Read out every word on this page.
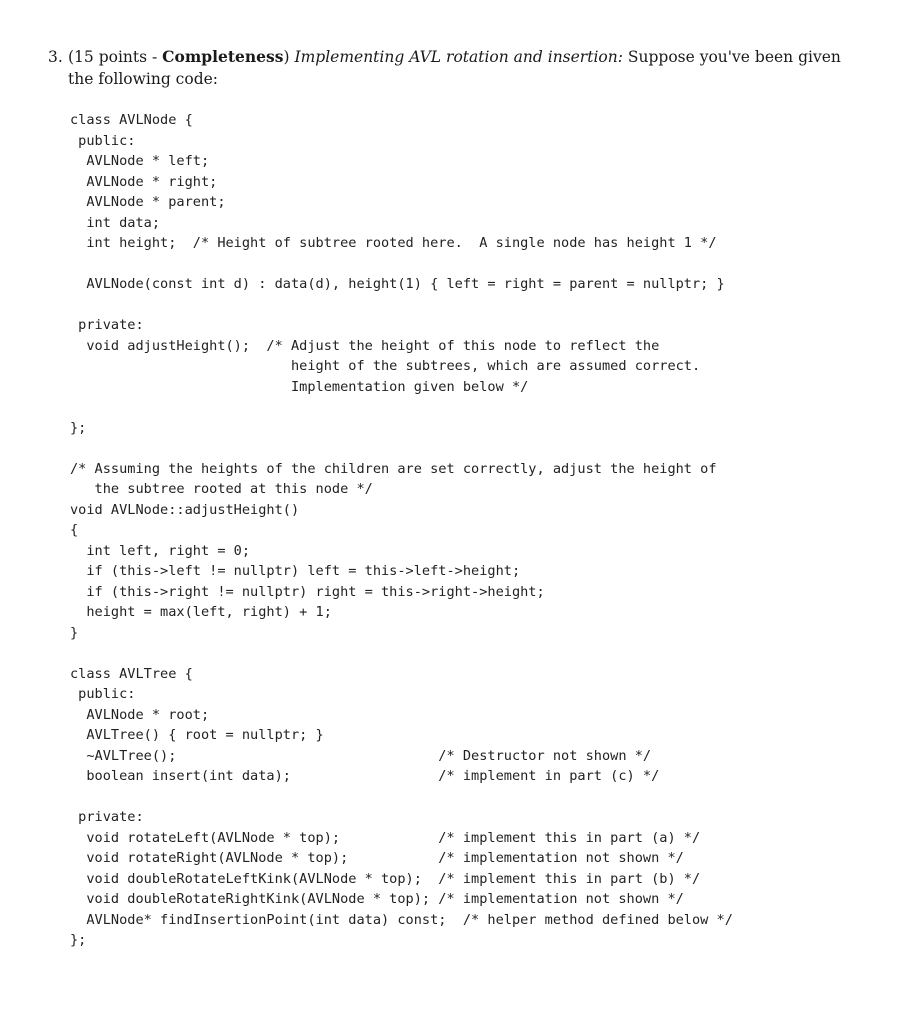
3. (15 points - Completeness) Implementing AVL rotation and insertion: Suppose you've been given the following code:
class AVLNode {
public:
AVLNode * left;
AVLNode * right;
AVLNode * parent;
int data;
int height;  /* Height of subtree rooted here.  A single node has height 1 */
AVLNode(const int d) : data(d), height(1) { left = right = parent = nullptr; }
private:
void adjustHeight();  /* Adjust the height of this node to reflect the
height of the subtrees, which are assumed correct.
Implementation given below */
};
/* Assuming the heights of the children are set correctly, adjust the height of
the subtree rooted at this node */
void AVLNode::adjustHeight()
{
int left, right = 0;
if (this->left != nullptr) left = this->left->height;
if (this->right != nullptr) right = this->right->height;
height = max(left, right) + 1;
}
class AVLTree {
public:
AVLNode * root;
AVLTree() { root = nullptr; }
~AVLTree();                                /* Destructor not shown */
boolean insert(int data);                  /* implement in part (c) */
private:
void rotateLeft(AVLNode * top);            /* implement this in part (a) */
void rotateRight(AVLNode * top);           /* implementation not shown */
void doubleRotateLeftKink(AVLNode * top);  /* implement this in part (b) */
void doubleRotateRightKink(AVLNode * top); /* implementation not shown */
AVLNode* findInsertionPoint(int data) const;  /* helper method defined below */
};
